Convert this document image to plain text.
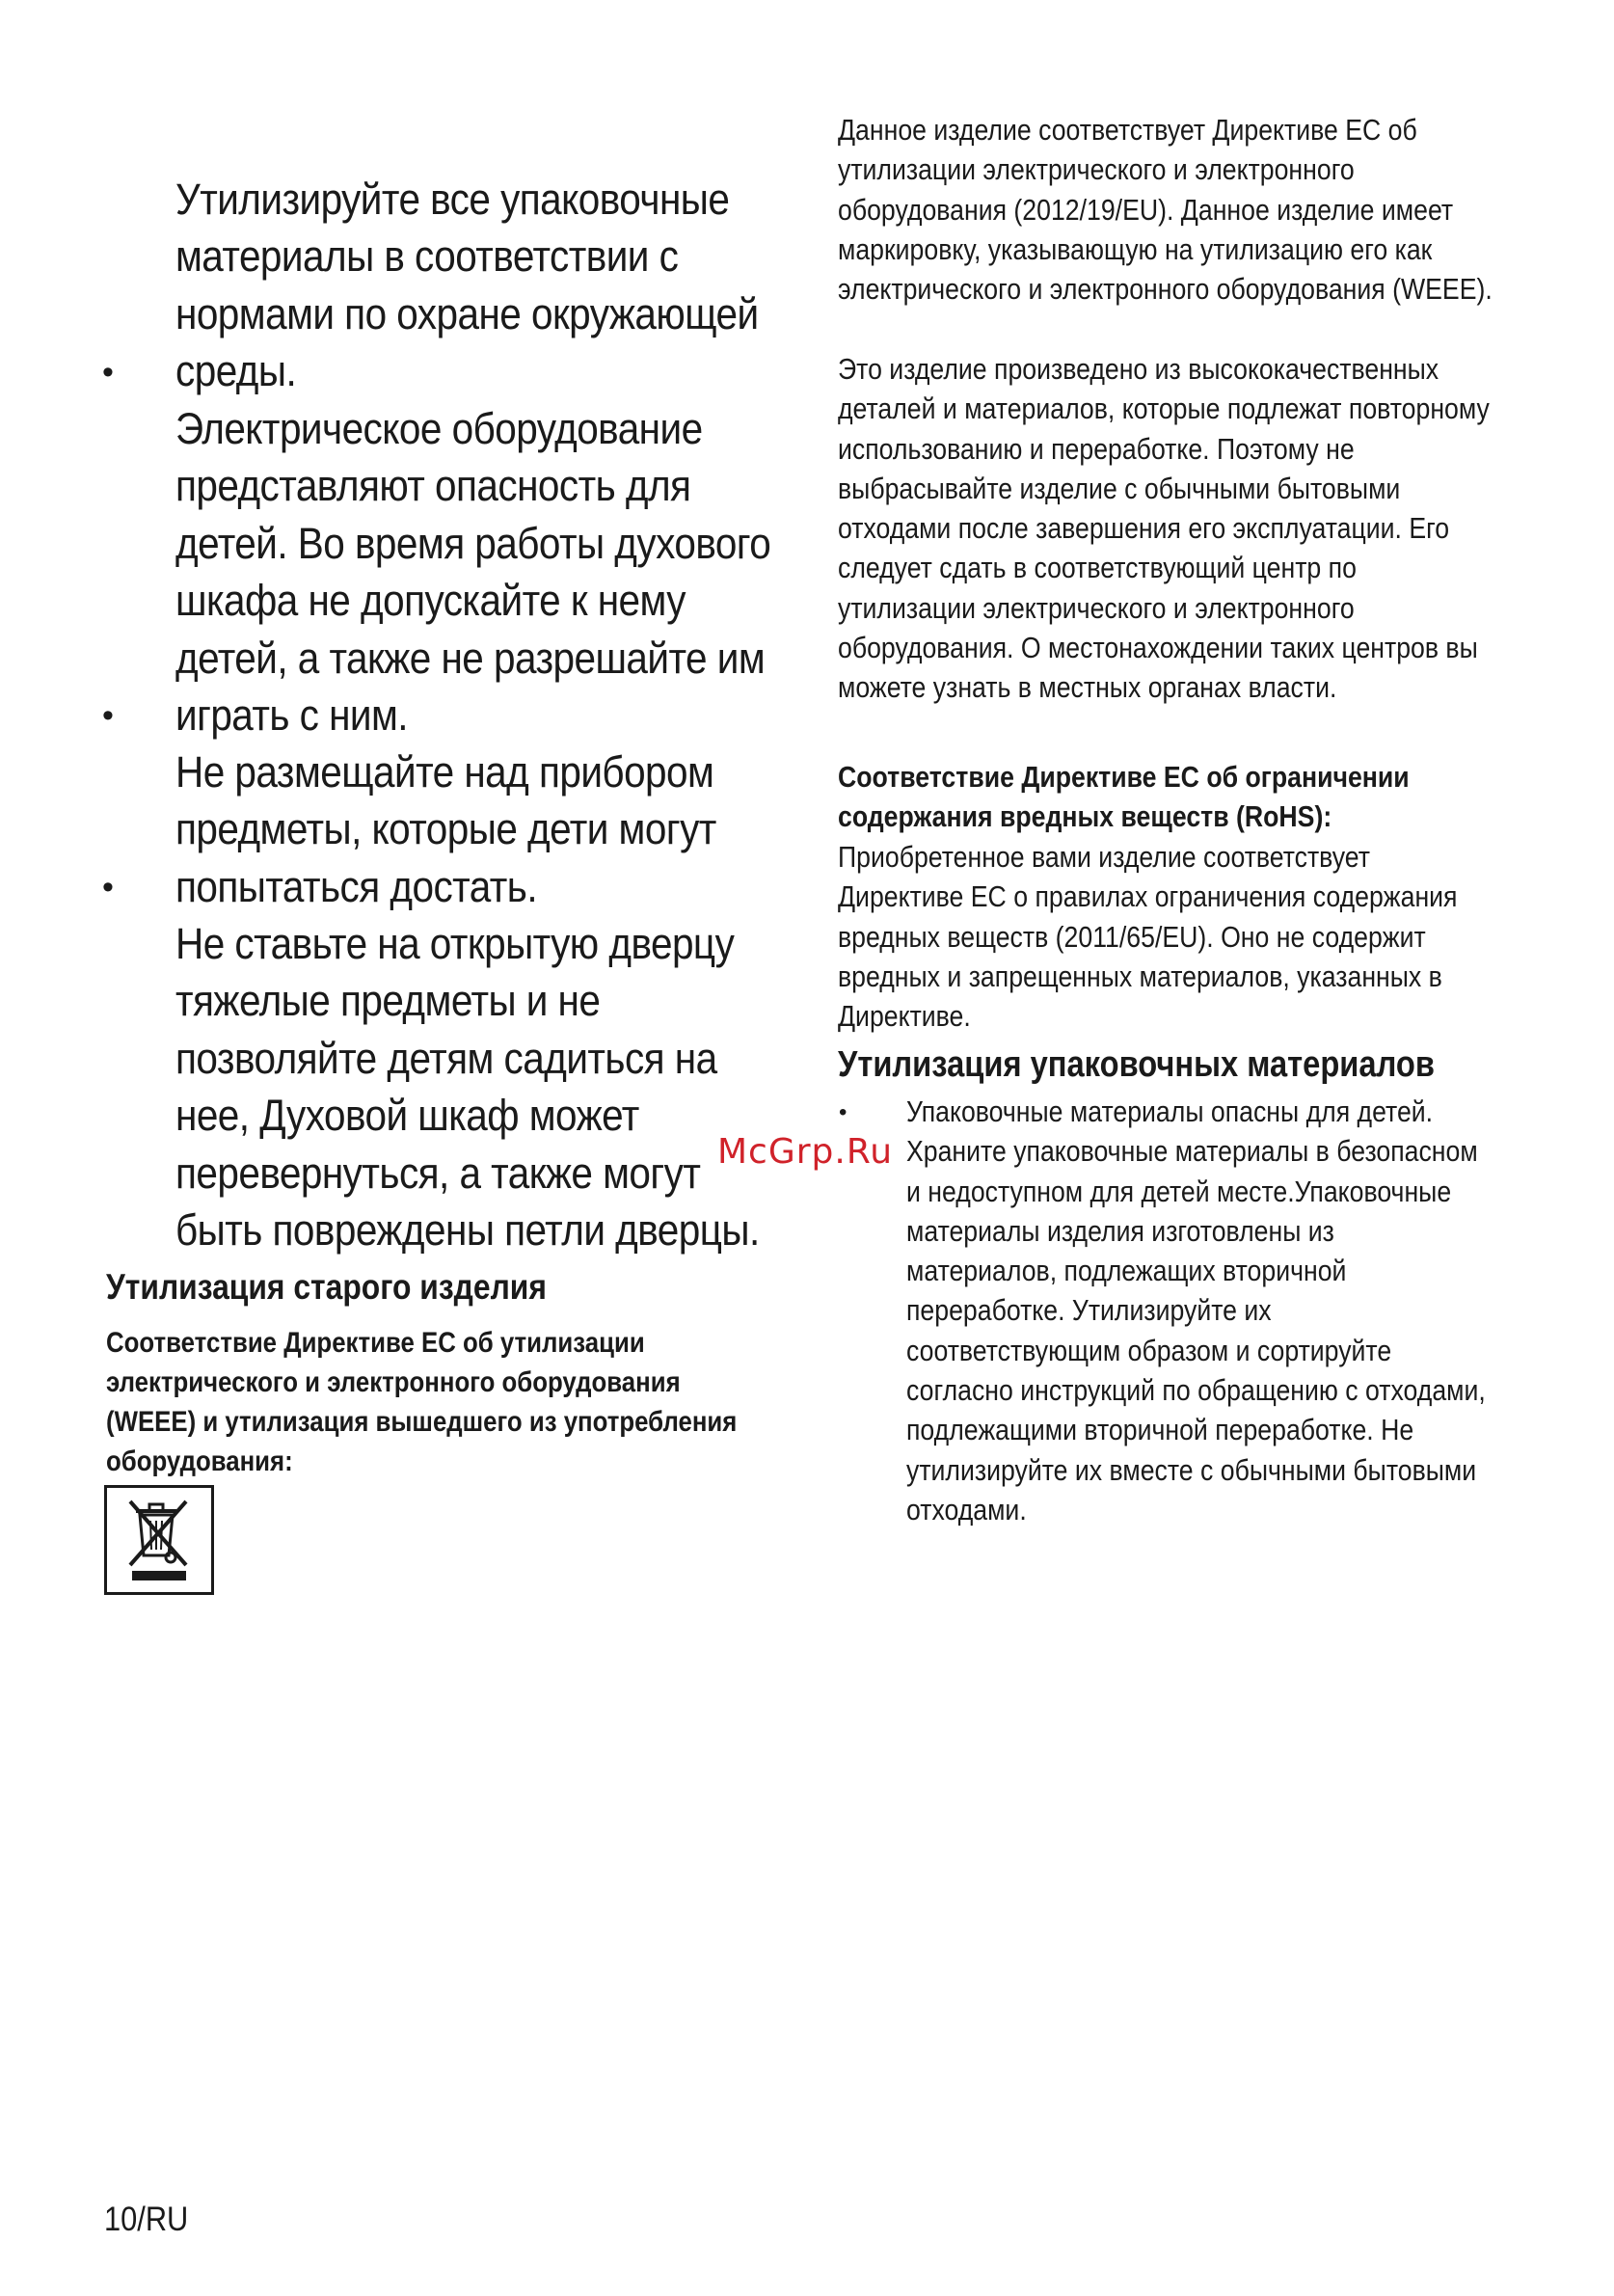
Утилизируйте все упаковочные материалы в соответствии с нормами по охране окружающей среды.

•

Электрическое оборудование представляют опасность для детей. Во время работы духового шкафа не допускайте к нему детей, а также не разрешайте им играть с ним.

•

Не размещайте над прибором предметы, которые дети могут попытаться достать.

•

Не ставьте на открытую дверцу тяжелые предметы и не позволяйте детям садиться на нее, Духовой шкаф может перевернуться, а также могут быть повреждены петли дверцы.

Утилизация старого изделия
Соответствие Директиве ЕС об утилизации электрического и электронного оборудования (WEEE) и утилизация вышедшего из употребления оборудования:
Данное изделие соответствует Директиве ЕС об утилизации электрического и электронного оборудования (2012/19/EU). Данное изделие имеет маркировку, указывающую на утилизацию его как электрического и электронного оборудования (WEEE).
Это изделие произведено из высококачественных деталей и материалов, которые подлежат повторному использованию и переработке. Поэтому не выбрасывайте изделие с обычными бытовыми отходами после завершения его эксплуатации. Его следует сдать в соответствующий центр по утилизации электрического и электронного оборудования. О местонахождении таких центров вы можете узнать в местных органах власти.
Соответствие Директиве ЕС об ограничении содержания вредных веществ (RoHS):
Приобретенное вами изделие соответствует Директиве ЕС о правилах ограничения содержания вредных веществ (2011/65/EU). Оно не содержит вредных и запрещенных материалов, указанных в Директиве.
Утилизация упаковочных материалов
• Упаковочные материалы опасны для детей. Храните упаковочные материалы в безопасном и недоступном для детей месте.Упаковочные материалы изделия изготовлены из материалов, подлежащих вторичной переработке. Утилизируйте их соответствующим образом и сортируйте согласно инструкций по обращению с отходами, подлежащими вторичной переработке. Не утилизируйте их вместе с обычными бытовыми отходами.
McGrp.Ru
10/RU
